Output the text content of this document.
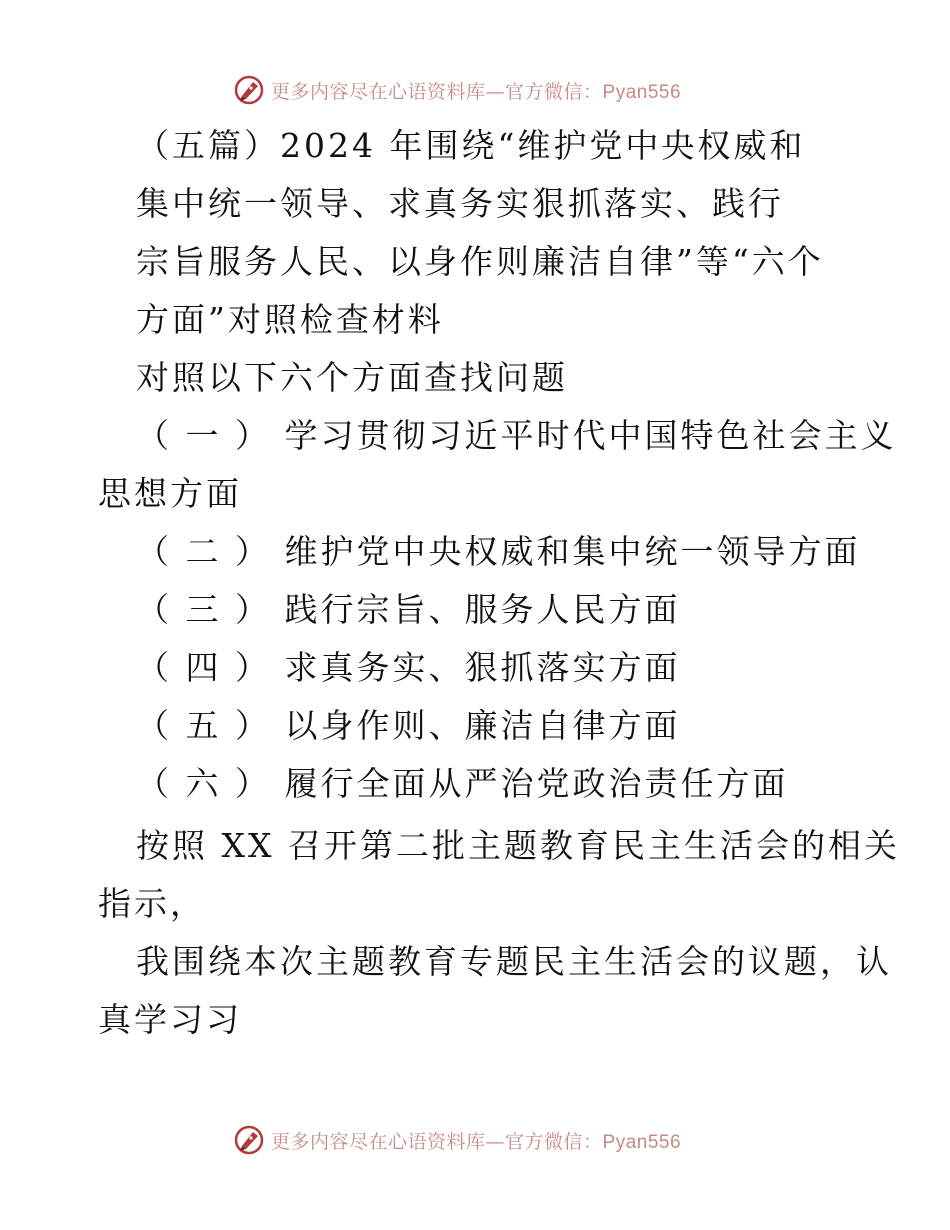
更多内容尽在心语资料库—官方微信：Pyan556
（五篇）2024 年围绕“维护党中央权威和
集中统一领导、求真务实狠抓落实、践行
宗旨服务人民、以身作则廉洁自律”等“六个
方面”对照检查材料
对照以下六个方面查找问题
（ 一 ） 学习贯彻习近平时代中国特色社会主义
思想方面
（ 二 ） 维护党中央权威和集中统一领导方面
（ 三 ） 践行宗旨、服务人民方面
（ 四 ） 求真务实、狠抓落实方面
（ 五 ） 以身作则、廉洁自律方面
（ 六 ） 履行全面从严治党政治责任方面
按照 XX 召开第二批主题教育民主生活会的相关
指示，
我围绕本次主题教育专题民主生活会的议题，认
真学习习
更多内容尽在心语资料库—官方微信：Pyan556
